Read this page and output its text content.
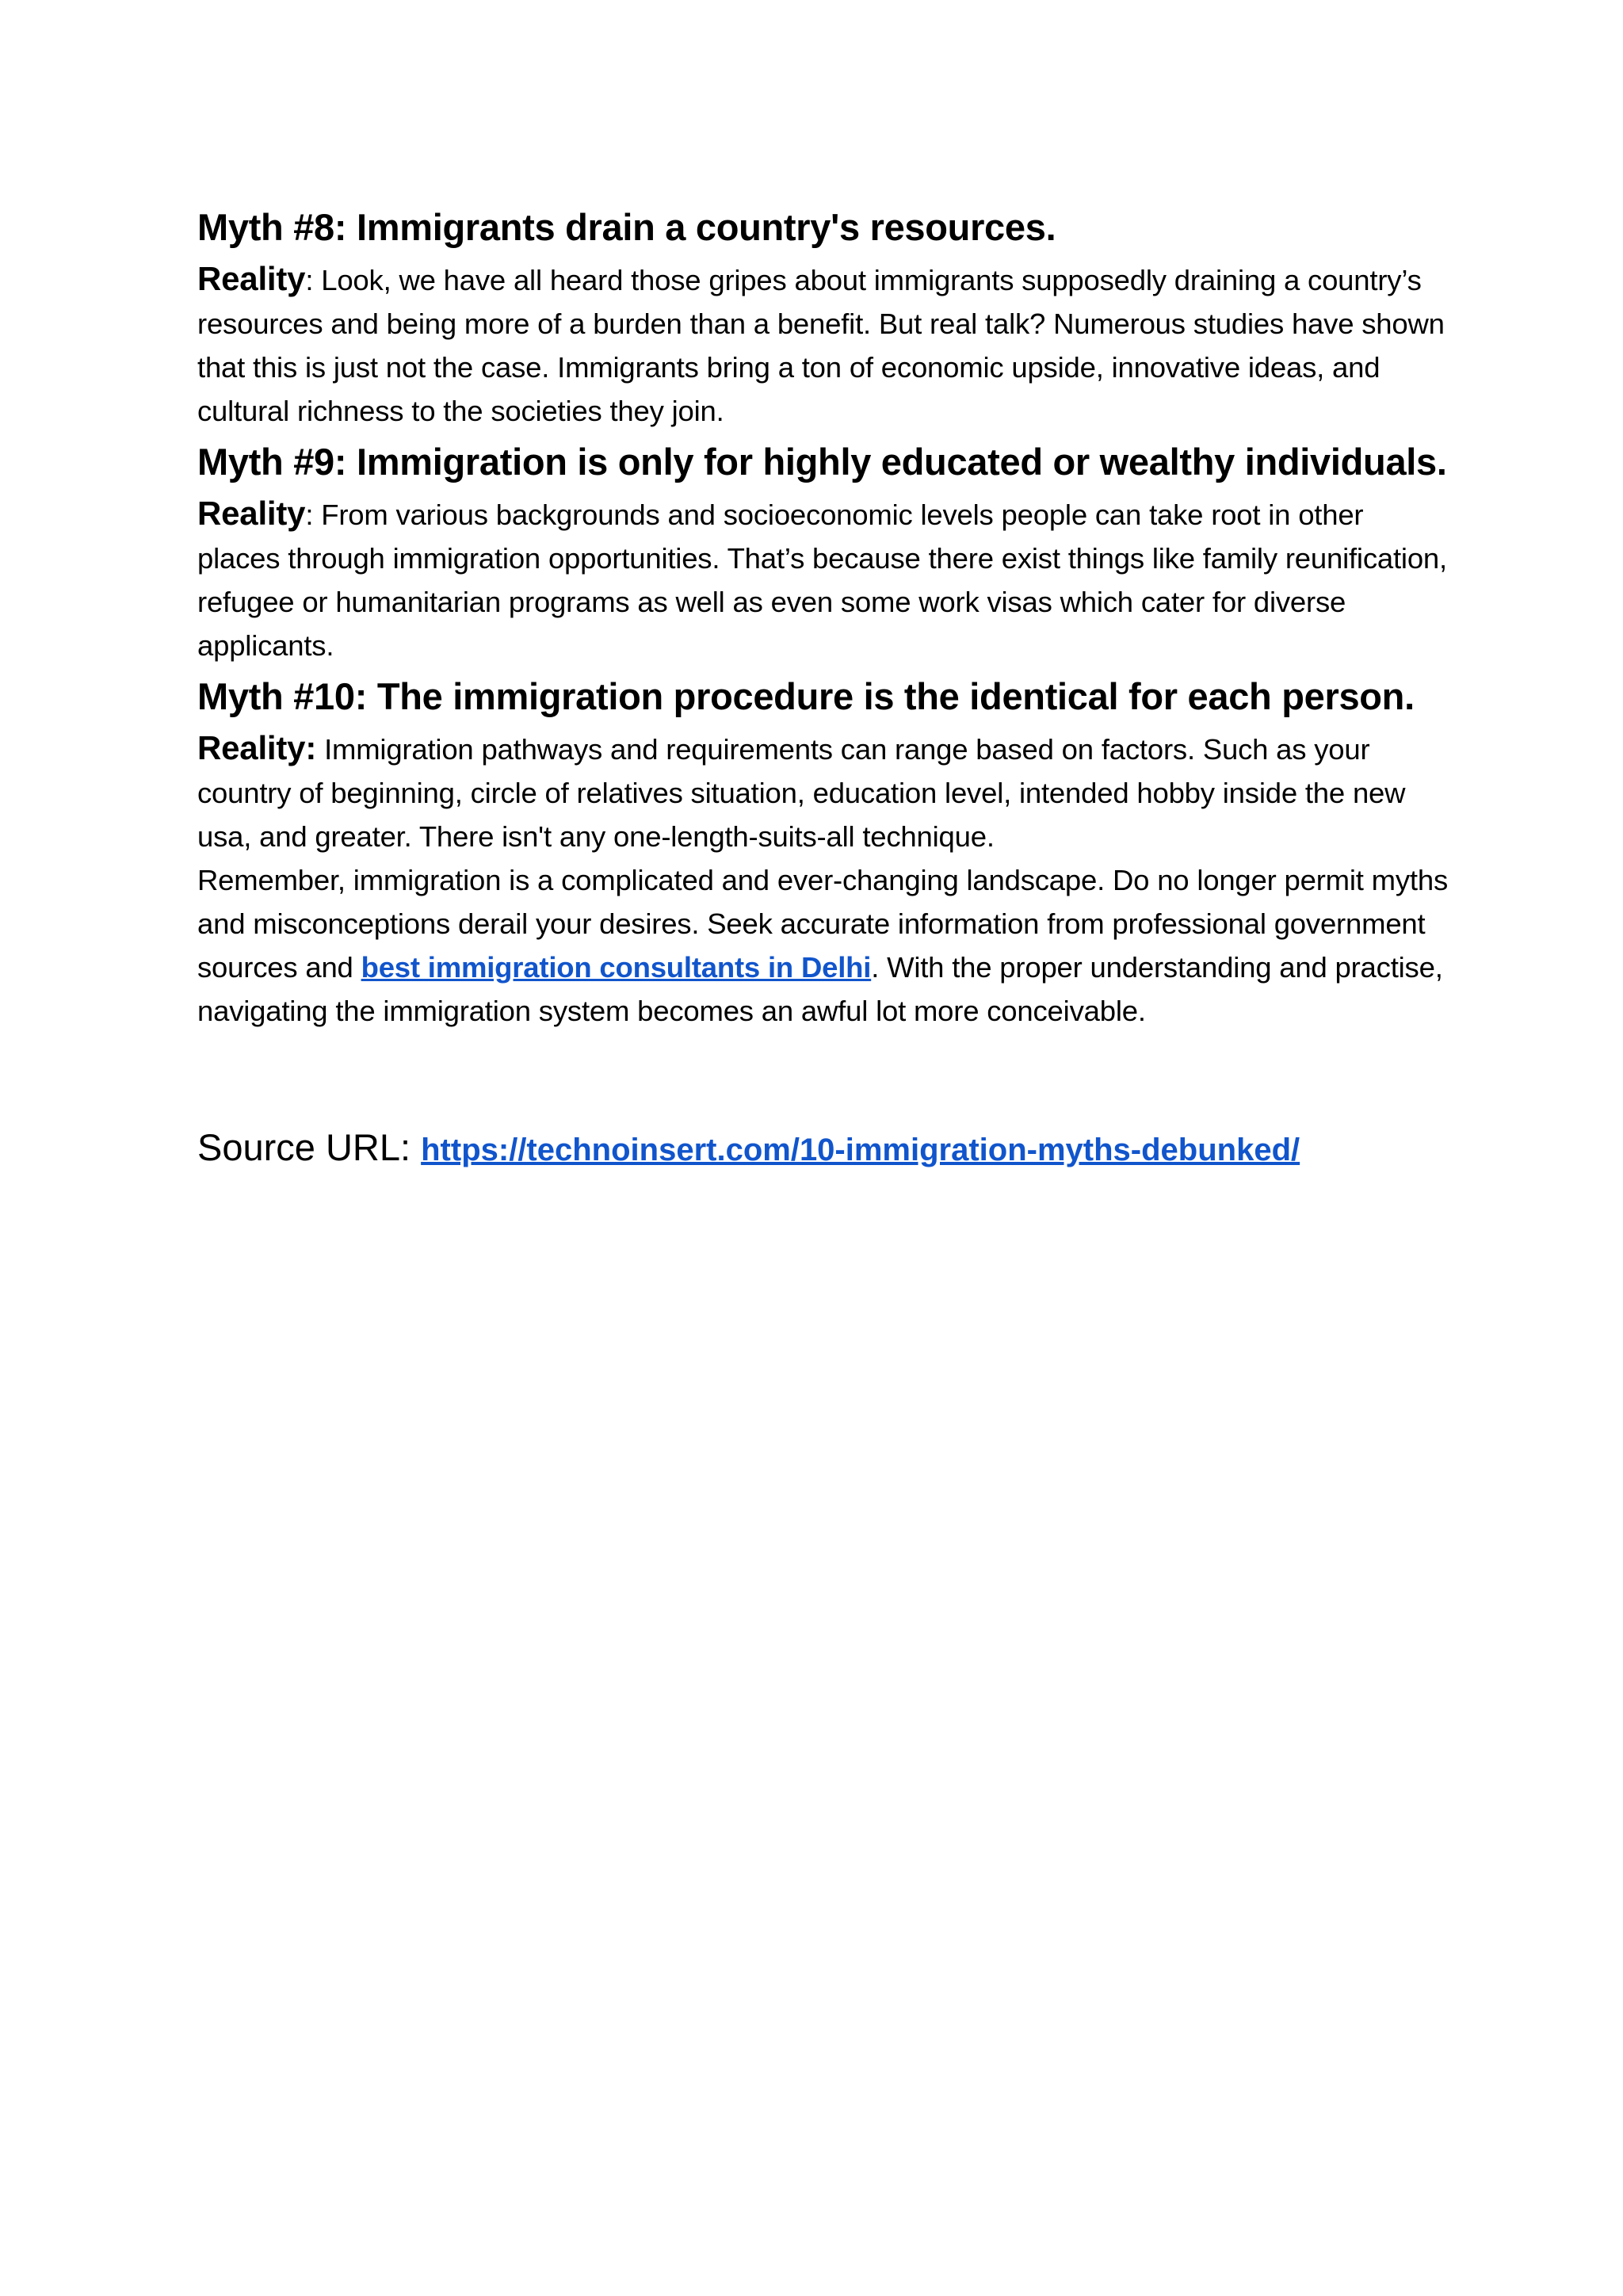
Myth #8: Immigrants drain a country's resources.

Reality: Look, we have all heard those gripes about immigrants supposedly draining a country’s resources and being more of a burden than a benefit. But real talk? Numerous studies have shown that this is just not the case. Immigrants bring a ton of economic upside, innovative ideas, and cultural richness to the societies they join.

Myth #9: Immigration is only for highly educated or wealthy individuals.

Reality: From various backgrounds and socioeconomic levels people can take root in other places through immigration opportunities. That’s because there exist things like family reunification, refugee or humanitarian programs as well as even some work visas which cater for diverse applicants.

Myth #10: The immigration procedure is the identical for each person.

Reality: Immigration pathways and requirements can range based on factors. Such as your country of beginning, circle of relatives situation, education level, intended hobby inside the new usa, and greater. There isn't any one-length-suits-all technique.

Remember, immigration is a complicated and ever-changing landscape. Do no longer permit myths and misconceptions derail your desires. Seek accurate information from professional government sources and best immigration consultants in Delhi. With the proper understanding and practise, navigating the immigration system becomes an awful lot more conceivable.

Source URL: https://technoinsert.com/10-immigration-myths-debunked/
